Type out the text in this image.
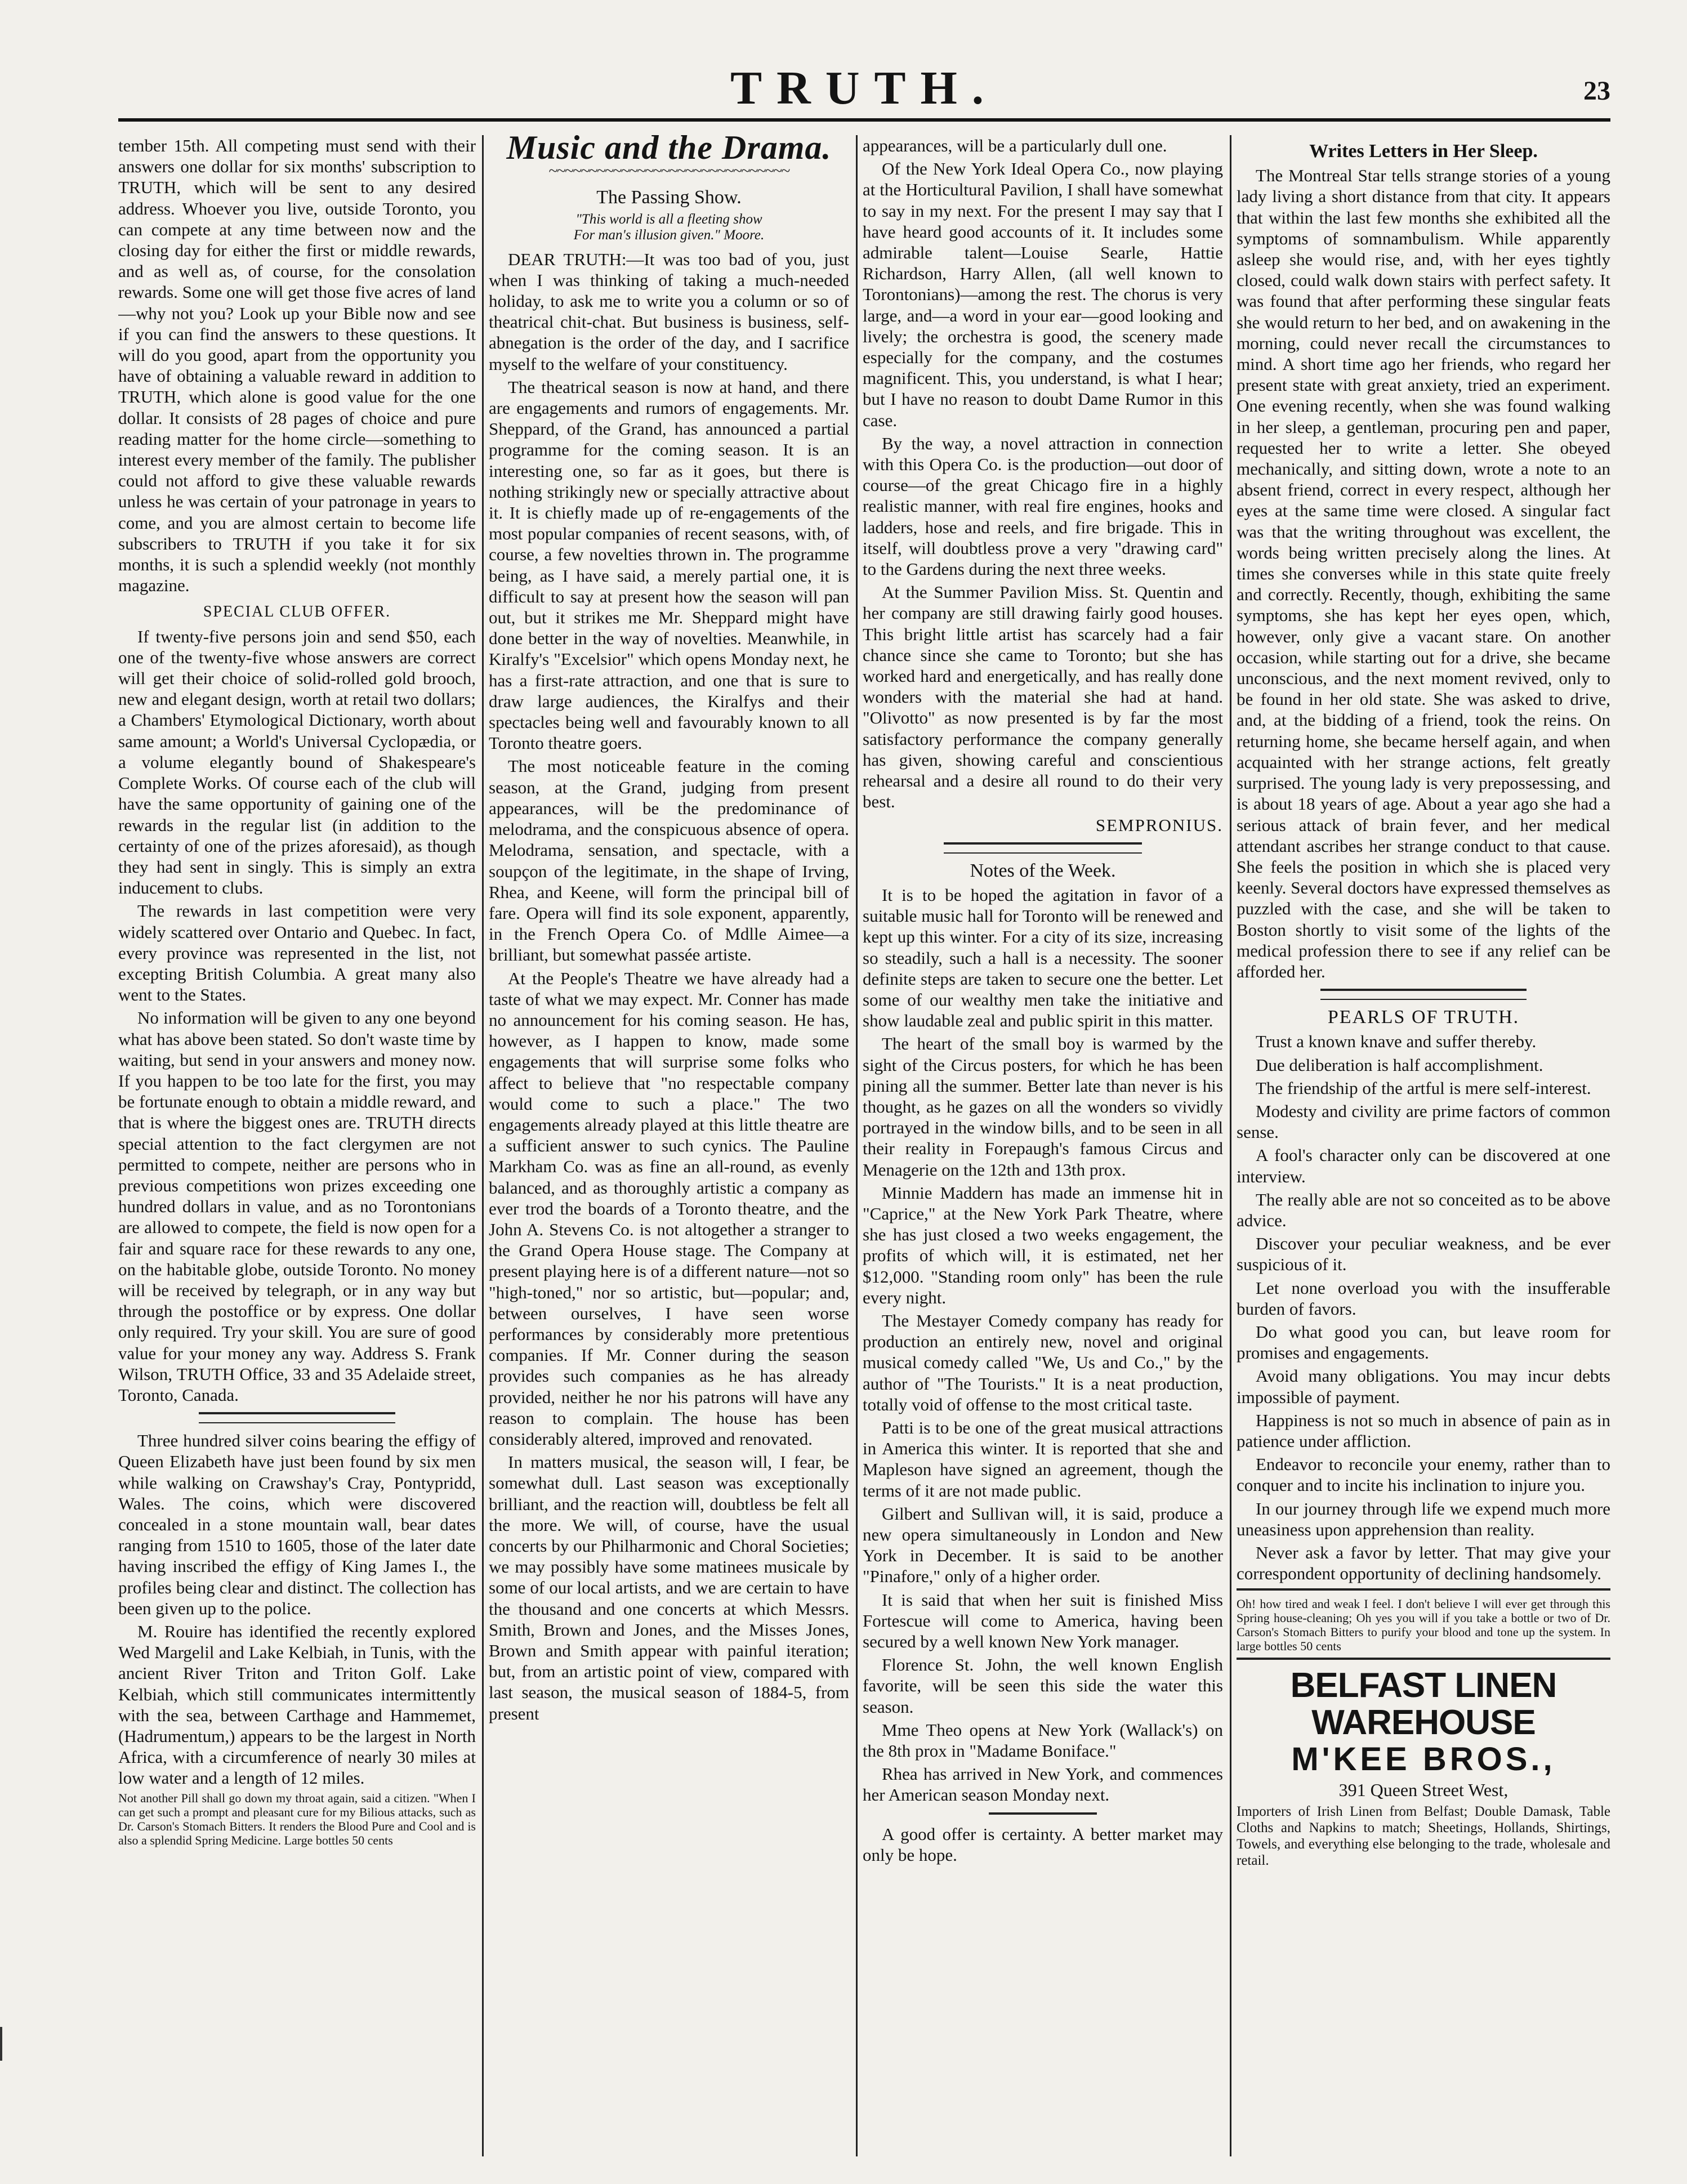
TRUTH.	23

tember 15th. All competing must send with their answers one dollar for six months' subscription to TRUTH, which will be sent to any desired address. Whoever you live, outside Toronto, you can compete at any time between now and the closing day for either the first or middle rewards, and as well as, of course, for the consolation rewards. Some one will get those five acres of land—why not you? Look up your Bible now and see if you can find the answers to these questions. It will do you good, apart from the opportunity you have of obtaining a valuable reward in addition to TRUTH, which alone is good value for the one dollar. It consists of 28 pages of choice and pure reading matter for the home circle—something to interest every member of the family. The publisher could not afford to give these valuable rewards unless he was certain of your patronage in years to come, and you are almost certain to become life subscribers to TRUTH if you take it for six months, it is such a splendid weekly (not monthly magazine.

SPECIAL CLUB OFFER.

If twenty-five persons join and send $50, each one of the twenty-five whose answers are correct will get their choice of solid-rolled gold brooch, new and elegant design, worth at retail two dollars; a Chambers' Etymological Dictionary, worth about same amount; a World's Universal Cyclopædia, or a volume elegantly bound of Shakespeare's Complete Works. Of course each of the club will have the same opportunity of gaining one of the rewards in the regular list (in addition to the certainty of one of the prizes aforesaid), as though they had sent in singly. This is simply an extra inducement to clubs.

The rewards in last competition were very widely scattered over Ontario and Quebec. In fact, every province was represented in the list, not excepting British Columbia. A great many also went to the States.

No information will be given to any one beyond what has above been stated. So don't waste time by waiting, but send in your answers and money now. If you happen to be too late for the first, you may be fortunate enough to obtain a middle reward, and that is where the biggest ones are. TRUTH directs special attention to the fact clergymen are not permitted to compete, neither are persons who in previous competitions won prizes exceeding one hundred dollars in value, and as no Torontonians are allowed to compete, the field is now open for a fair and square race for these rewards to any one, on the habitable globe, outside Toronto. No money will be received by telegraph, or in any way but through the postoffice or by express. One dollar only required. Try your skill. You are sure of good value for your money any way. Address S. Frank Wilson, TRUTH Office, 33 and 35 Adelaide street, Toronto, Canada.

Three hundred silver coins bearing the effigy of Queen Elizabeth have just been found by six men while walking on Crawshay's Cray, Pontypridd, Wales. The coins, which were discovered concealed in a stone mountain wall, bear dates ranging from 1510 to 1605, those of the later date having inscribed the effigy of King James I., the profiles being clear and distinct. The collection has been given up to the police.

M. Rouire has identified the recently explored Wed Margelil and Lake Kelbiah, in Tunis, with the ancient River Triton and Triton Golf. Lake Kelbiah, which still communicates intermittently with the sea, between Carthage and Hammemet, (Hadrumentum,) appears to be the largest in North Africa, with a circumference of nearly 30 miles at low water and a length of 12 miles.

Not another Pill shall go down my throat again, said a citizen. "When I can get such a prompt and pleasant cure for my Bilious attacks, such as Dr. Carson's Stomach Bitters. It renders the Blood Pure and Cool and is also a splendid Spring Medicine. Large bottles 50 cents

Music and the Drama.
~~~~~~~~~~~~~~~~~~~~~~~~~~~~~~

The Passing Show.

"This world is all a fleeting show
For man's illusion given." Moore.

DEAR TRUTH:—It was too bad of you, just when I was thinking of taking a much-needed holiday, to ask me to write you a column or so of theatrical chit-chat. But business is business, self-abnegation is the order of the day, and I sacrifice myself to the welfare of your constituency.

The theatrical season is now at hand, and there are engagements and rumors of engagements. Mr. Sheppard, of the Grand, has announced a partial programme for the coming season. It is an interesting one, so far as it goes, but there is nothing strikingly new or specially attractive about it. It is chiefly made up of re-engagements of the most popular companies of recent seasons, with, of course, a few novelties thrown in. The programme being, as I have said, a merely partial one, it is difficult to say at present how the season will pan out, but it strikes me Mr. Sheppard might have done better in the way of novelties. Meanwhile, in Kiralfy's "Excelsior" which opens Monday next, he has a first-rate attraction, and one that is sure to draw large audiences, the Kiralfys and their spectacles being well and favourably known to all Toronto theatre goers.

The most noticeable feature in the coming season, at the Grand, judging from present appearances, will be the predominance of melodrama, and the conspicuous absence of opera. Melodrama, sensation, and spectacle, with a soupçon of the legitimate, in the shape of Irving, Rhea, and Keene, will form the principal bill of fare. Opera will find its sole exponent, apparently, in the French Opera Co. of Mdlle Aimee—a brilliant, but somewhat passée artiste.

At the People's Theatre we have already had a taste of what we may expect. Mr. Conner has made no announcement for his coming season. He has, however, as I happen to know, made some engagements that will surprise some folks who affect to believe that "no respectable company would come to such a place." The two engagements already played at this little theatre are a sufficient answer to such cynics. The Pauline Markham Co. was as fine an all-round, as evenly balanced, and as thoroughly artistic a company as ever trod the boards of a Toronto theatre, and the John A. Stevens Co. is not altogether a stranger to the Grand Opera House stage. The Company at present playing here is of a different nature—not so "high-toned," nor so artistic, but—popular; and, between ourselves, I have seen worse performances by considerably more pretentious companies. If Mr. Conner during the season provides such companies as he has already provided, neither he nor his patrons will have any reason to complain. The house has been considerably altered, improved and renovated.

In matters musical, the season will, I fear, be somewhat dull. Last season was exceptionally brilliant, and the reaction will, doubtless be felt all the more. We will, of course, have the usual concerts by our Philharmonic and Choral Societies; we may possibly have some matinees musicale by some of our local artists, and we are certain to have the thousand and one concerts at which Messrs. Smith, Brown and Jones, and the Misses Jones, Brown and Smith appear with painful iteration; but, from an artistic point of view, compared with last season, the musical season of 1884-5, from present

appearances, will be a particularly dull one.

Of the New York Ideal Opera Co., now playing at the Horticultural Pavilion, I shall have somewhat to say in my next. For the present I may say that I have heard good accounts of it. It includes some admirable talent—Louise Searle, Hattie Richardson, Harry Allen, (all well known to Torontonians)—among the rest. The chorus is very large, and—a word in your ear—good looking and lively; the orchestra is good, the scenery made especially for the company, and the costumes magnificent. This, you understand, is what I hear; but I have no reason to doubt Dame Rumor in this case.

By the way, a novel attraction in connection with this Opera Co. is the production—out door of course—of the great Chicago fire in a highly realistic manner, with real fire engines, hooks and ladders, hose and reels, and fire brigade. This in itself, will doubtless prove a very "drawing card" to the Gardens during the next three weeks.

At the Summer Pavilion Miss. St. Quentin and her company are still drawing fairly good houses. This bright little artist has scarcely had a fair chance since she came to Toronto; but she has worked hard and energetically, and has really done wonders with the material she had at hand. "Olivotto" as now presented is by far the most satisfactory performance the company generally has given, showing careful and conscientious rehearsal and a desire all round to do their very best.

SEMPRONIUS.

Notes of the Week.

It is to be hoped the agitation in favor of a suitable music hall for Toronto will be renewed and kept up this winter. For a city of its size, increasing so steadily, such a hall is a necessity. The sooner definite steps are taken to secure one the better. Let some of our wealthy men take the initiative and show laudable zeal and public spirit in this matter.

The heart of the small boy is warmed by the sight of the Circus posters, for which he has been pining all the summer. Better late than never is his thought, as he gazes on all the wonders so vividly portrayed in the window bills, and to be seen in all their reality in Forepaugh's famous Circus and Menagerie on the 12th and 13th prox.

Minnie Maddern has made an immense hit in "Caprice," at the New York Park Theatre, where she has just closed a two weeks engagement, the profits of which will, it is estimated, net her $12,000. "Standing room only" has been the rule every night.

The Mestayer Comedy company has ready for production an entirely new, novel and original musical comedy called "We, Us and Co.," by the author of "The Tourists." It is a neat production, totally void of offense to the most critical taste.

Patti is to be one of the great musical attractions in America this winter. It is reported that she and Mapleson have signed an agreement, though the terms of it are not made public.

Gilbert and Sullivan will, it is said, produce a new opera simultaneously in London and New York in December. It is said to be another "Pinafore," only of a higher order.

It is said that when her suit is finished Miss Fortescue will come to America, having been secured by a well known New York manager.

Florence St. John, the well known English favorite, will be seen this side the water this season.

Mme Theo opens at New York (Wallack's) on the 8th prox in "Madame Boniface."

Rhea has arrived in New York, and commences her American season Monday next.

A good offer is certainty. A better market may only be hope.

Writes Letters in Her Sleep.

The Montreal Star tells strange stories of a young lady living a short distance from that city. It appears that within the last few months she exhibited all the symptoms of somnambulism. While apparently asleep she would rise, and, with her eyes tightly closed, could walk down stairs with perfect safety. It was found that after performing these singular feats she would return to her bed, and on awakening in the morning, could never recall the circumstances to mind. A short time ago her friends, who regard her present state with great anxiety, tried an experiment. One evening recently, when she was found walking in her sleep, a gentleman, procuring pen and paper, requested her to write a letter. She obeyed mechanically, and sitting down, wrote a note to an absent friend, correct in every respect, although her eyes at the same time were closed. A singular fact was that the writing throughout was excellent, the words being written precisely along the lines. At times she converses while in this state quite freely and correctly. Recently, though, exhibiting the same symptoms, she has kept her eyes open, which, however, only give a vacant stare. On another occasion, while starting out for a drive, she became unconscious, and the next moment revived, only to be found in her old state. She was asked to drive, and, at the bidding of a friend, took the reins. On returning home, she became herself again, and when acquainted with her strange actions, felt greatly surprised. The young lady is very prepossessing, and is about 18 years of age. About a year ago she had a serious attack of brain fever, and her medical attendant ascribes her strange conduct to that cause. She feels the position in which she is placed very keenly. Several doctors have expressed themselves as puzzled with the case, and she will be taken to Boston shortly to visit some of the lights of the medical profession there to see if any relief can be afforded her.

PEARLS OF TRUTH.

Trust a known knave and suffer thereby.

Due deliberation is half accomplishment.

The friendship of the artful is mere self-interest.

Modesty and civility are prime factors of common sense.

A fool's character only can be discovered at one interview.

The really able are not so conceited as to be above advice.

Discover your peculiar weakness, and be ever suspicious of it.

Let none overload you with the insufferable burden of favors.

Do what good you can, but leave room for promises and engagements.

Avoid many obligations. You may incur debts impossible of payment.

Happiness is not so much in absence of pain as in patience under affliction.

Endeavor to reconcile your enemy, rather than to conquer and to incite his inclination to injure you.

In our journey through life we expend much more uneasiness upon apprehension than reality.

Never ask a favor by letter. That may give your correspondent opportunity of declining handsomely.

Oh! how tired and weak I feel. I don't believe I will ever get through this Spring house-cleaning; Oh yes you will if you take a bottle or two of Dr. Carson's Stomach Bitters to purify your blood and tone up the system. In large bottles 50 cents

BELFAST LINEN WAREHOUSE
M'KEE BROS.,
391 Queen Street West,
Importers of Irish Linen from Belfast; Double Damask, Table Cloths and Napkins to match; Sheetings, Hollands, Shirtings, Towels, and everything else belonging to the trade, wholesale and retail.
